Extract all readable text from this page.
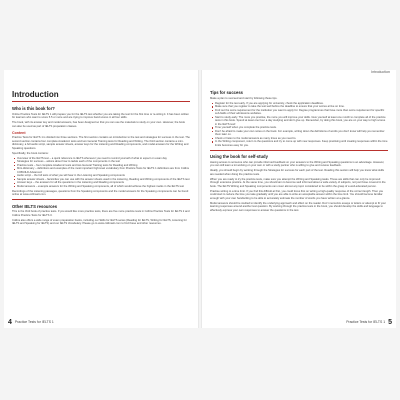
Introduction
Who is this book for?

Online Practice Tests for IELTS 1 will prepare you for the IELTS test whether you are taking the test for the first time or re-sitting it. It has been written for learners who want to score 5.5 or more and are trying to improve band scores in all four skills.

The book, with its answer key and model answers, has been designed so that you can use the materials to study on your own. However, the book can also be used as part of IELTS preparation classes.

Content

Practice Tests for IELTS 1 is divided into three sections. The first section contains an introduction to the test and strategies for success in the test. The second section contains four complete Academic tests and two General Training tests for Reading and Writing. The third section contains a mini-dictionary, a full audio script, sample answer sheets, answer keys for the Listening and Reading components, and model answers for the Writing and Speaking questions.

Specifically, the book contains:

Overview of the IELTS test – a quick reference to IELTS whenever you need to remind yourself of what to expect on exam day
Strategies for success – advice about how to tackle each of the components in the test
Practice tests – four complete Academic tests and two General Training tests for Reading and Writing
Mini-dictionary – definitions and examples of the most important high-level vocabulary from Practice Tests for IELTS 1 definitions are from Collins COBUILD Advanced
Audio script – the full texts of what you will hear in the Listening and Speaking components
Sample answer sheets – facsimiles you can use with the answer sheets used in the Listening, Reading and Writing components of the IELTS test
Answer keys – the answers for all the questions in the Listening and Reading components
Model answers – example answers for the Writing and Speaking components, all of which would achieve the highest marks in the IELTS test

Recordings of the Listening passages, questions from the Speaking components and the model answers for the Speaking components can be found online at www.collinselt.com.

Other IELTS resources

This is the third book of practice tests. If you would like more practice tests, there are five more practice tests in Collins Practice Tests for IELTS 2 and Collins Practice Tests for IELTS 3.

Collins also offers a wide range of exam preparation books, including our Skills for IELTS series (Reading for IELTS, Writing for IELTS, Listening for IELTS and Speaking for IELTS) and our IELTS Vocabulary. Please go to www.collinselt.com to find these and other resources.

4 Practice Tests for IELTS 1
Introduction
Tips for success

Make a plan to succeed and start by following these tips.

Register for the test early. If you are applying for university, check the application deadlines.
Make sure that you register to take the test well before the deadline to ensure that your scores arrive on time.
Find out the score requirement for the institution you want to apply for. Degree programmes that have more than score requirement for specific sub-fields of their admissions websites.
Start to study early. The more you practise, the more you will improve your skills. Give yourself at least one month to complete all of the practice tests in this book. Spend at least one hour a day studying and don't give up. Remember, by doing this book, you are on your way to high scores in the IELTS test!
Time yourself when you complete the practice tests.
Don't be afraid to make your own notes on the book. For example, writing down the definitions of words you don't know will help you remember them later on.
Check or listen to the model answers as many times as you need to.
In the Writing component, return to the questions and try to come up with new responses. Keep practising until creating responses within the time limits becomes easy for you.
Using the book for self-study

Having access to someone who can provide informed feedback on your answers to the Writing and Speaking questions is an advantage. However, you can still learn a lot working on your own or with a study partner who is willing to give and receive feedback.

Ideally, you should begin by working through the Strategies for success for each part of the test. Reading this section will help you know what skills are needed when doing the practice tests.

When you are ready to try the practice tests, make sure you attempt the Writing and Speaking tasks. These are skills that can only be improved through extensive practice. At the same time, you should aim to become well informed about a wide variety of subjects, not just those covered in the book. The IELTS Writing and Speaking components can cover almost any topic considered to be within the grasp of a well-educated person.

Practise writing to a time limit. If you find this difficult at first, you could focus first on writing a high-quality response of the correct length. Then you could start to reduce the time you take gradually until you are able to write an acceptable answer within the time limit. You should become familiar enough with your own handwriting to be able to accurately estimate the number of words you have written at a glance.

Model answers should be studied to identify the underlying approach and effect on the reader. Don't memorize essays or letters or attempt to fit your learning responses around another test question. By working through the practice tests in the book, you should develop the skills and language to effectively express your own responses to answer the questions in the test.

Practice Tests for IELTS 1 5
